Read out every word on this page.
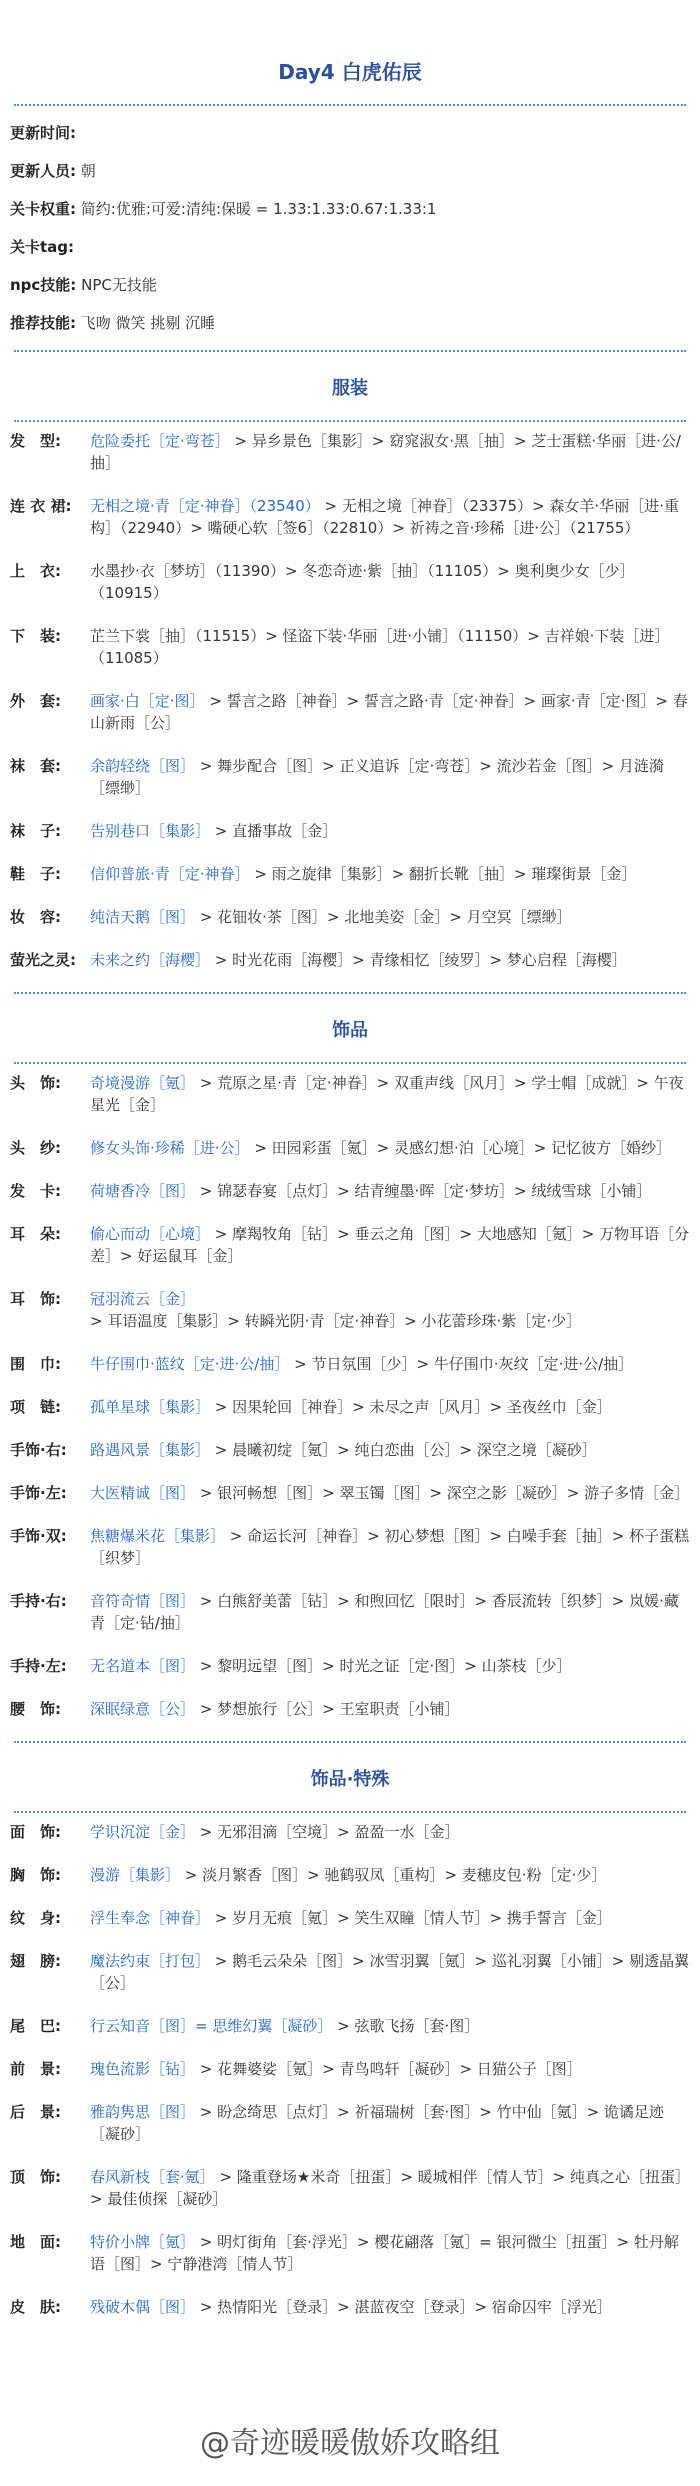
Day4 白虎佑辰
更新时间:
更新人员: 朝
关卡权重: 简约:优雅:可爱:清纯:保暖 = 1.33:1.33:0.67:1.33:1
关卡tag:
npc技能: NPC无技能
推荐技能: 飞吻 微笑 挑剔 沉睡
服装
发　型:	危险委托［定·弯苍］ > 异乡景色［集影］> 窈窕淑女·黑［抽］> 芝士蛋糕·华丽［进·公/抽］
连 衣 裙:	无相之境·青［定·神眷］（23540） > 无相之境［神眷］（23375）> 森女羊·华丽［进·重构］（22940）> 嘴硬心软［签6］（22810）> 祈祷之音·珍稀［进·公］（21755）
上　衣:	水墨抄·衣［梦坊］（11390）> 冬恋奇迹·紫［抽］（11105）> 奥利奥少女［少］（10915）
下　装:	芷兰下裳［抽］（11515）> 怪盗下装·华丽［进·小铺］（11150）> 吉祥娘·下装［进］（11085）
外　套:	画家·白［定·图］ > 誓言之路［神眷］> 誓言之路·青［定·神眷］> 画家·青［定·图］> 春山新雨［公］
袜　套:	余韵轻绕［图］ > 舞步配合［图］> 正义追诉［定·弯苍］> 流沙若金［图］> 月涟漪［缥缈］
袜　子:	告别巷口［集影］ > 直播事故［金］
鞋　子:	信仰普旅·青［定·神眷］ > 雨之旋律［集影］> 翻折长靴［抽］> 璀璨街景［金］
妆　容:	纯洁天鹅［图］ > 花钿妆·茶［图］> 北地美姿［金］> 月空冥［缥缈］
萤光之灵: 未来之约［海樱］ > 时光花雨［海樱］> 青缘相忆［绫罗］> 梦心启程［海樱］
饰品
头　饰:	奇境漫游［氪］ > 荒原之星·青［定·神眷］> 双重声线［风月］> 学士帽［成就］> 午夜星光［金］
头　纱:	修女头饰·珍稀［进·公］ > 田园彩蛋［氪］> 灵感幻想·泊［心境］> 记忆彼方［婚纱］
发　卡:	荷塘香冷［图］ > 锦瑟春宴［点灯］> 结青缠墨·晖［定·梦坊］> 绒绒雪球［小铺］
耳　朵:	偷心而动［心境］ > 摩羯牧角［钻］> 垂云之角［图］> 大地感知［氪］> 万物耳语［分差］> 好运鼠耳［金］
耳　饰:	冠羽流云［金］ > 耳语温度［集影］> 转瞬光阴·青［定·神眷］> 小花蕾珍珠·紫［定·少］
围　巾:	牛仔围巾·蓝纹［定·进·公/抽］ > 节日氛围［少］> 牛仔围巾·灰纹［定·进·公/抽］
项　链:	孤单星球［集影］ > 因果轮回［神眷］> 未尽之声［风月］> 圣夜丝巾［金］
手饰·右:	路遇风景［集影］ > 晨曦初绽［氪］> 纯白恋曲［公］> 深空之境［凝砂］
手饰·左:	大医精诚［图］ > 银河畅想［图］> 翠玉镯［图］> 深空之影［凝砂］> 游子多情［金］
手饰·双:	焦糖爆米花［集影］ > 命运长河［神眷］> 初心梦想［图］> 白噪手套［抽］> 杯子蛋糕［织梦］
手持·右:	音符奇情［图］ > 白熊舒美蕾［钻］> 和煦回忆［限时］> 香辰流转［织梦］> 岚媛·藏青［定·钻/抽］
手持·左:	无名道本［图］ > 黎明远望［图］> 时光之证［定·图］> 山茶枝［少］
腰　饰:	深眠绿意［公］ > 梦想旅行［公］> 王室职责［小铺］
饰品·特殊
面　饰:	学识沉淀［金］ > 无邪泪滴［空境］> 盈盈一水［金］
胸　饰:	漫游［集影］ > 淡月繁香［图］> 驰鹤驭凤［重构］> 麦穗皮包·粉［定·少］
纹　身:	浮生奉念［神眷］ > 岁月无痕［氪］> 笑生双瞳［情人节］> 携手誓言［金］
翅　膀:	魔法约束［打包］ > 鹅毛云朵朵［图］> 冰雪羽翼［氪］> 巡礼羽翼［小铺］> 剔透晶翼［公］
尾　巴:	行云知音［图］= 思维幻翼［凝砂］ > 弦歌飞扬［套·图］
前　景:	瑰色流影［钻］ > 花舞婆娑［氪］> 青鸟鸣轩［凝砂］> 日猫公子［图］
后　景:	雅韵隽思［图］ > 盼念绮思［点灯］> 祈福瑞树［套·图］> 竹中仙［氪］> 诡谲足迹［凝砂］
顶　饰:	春风新枝［套·氪］ > 隆重登场★米奇［扭蛋］> 暖城相伴［情人节］> 纯真之心［扭蛋］> 最佳侦探［凝砂］
地　面:	特价小牌［氪］ > 明灯街角［套·浮光］> 樱花翩落［氪］= 银河微尘［扭蛋］> 牡丹解语［图］> 宁静港湾［情人节］
皮　肤:	残破木偶［图］ > 热情阳光［登录］> 湛蓝夜空［登录］> 宿命囚牢［浮光］
@奇迹暖暖傲娇攻略组
